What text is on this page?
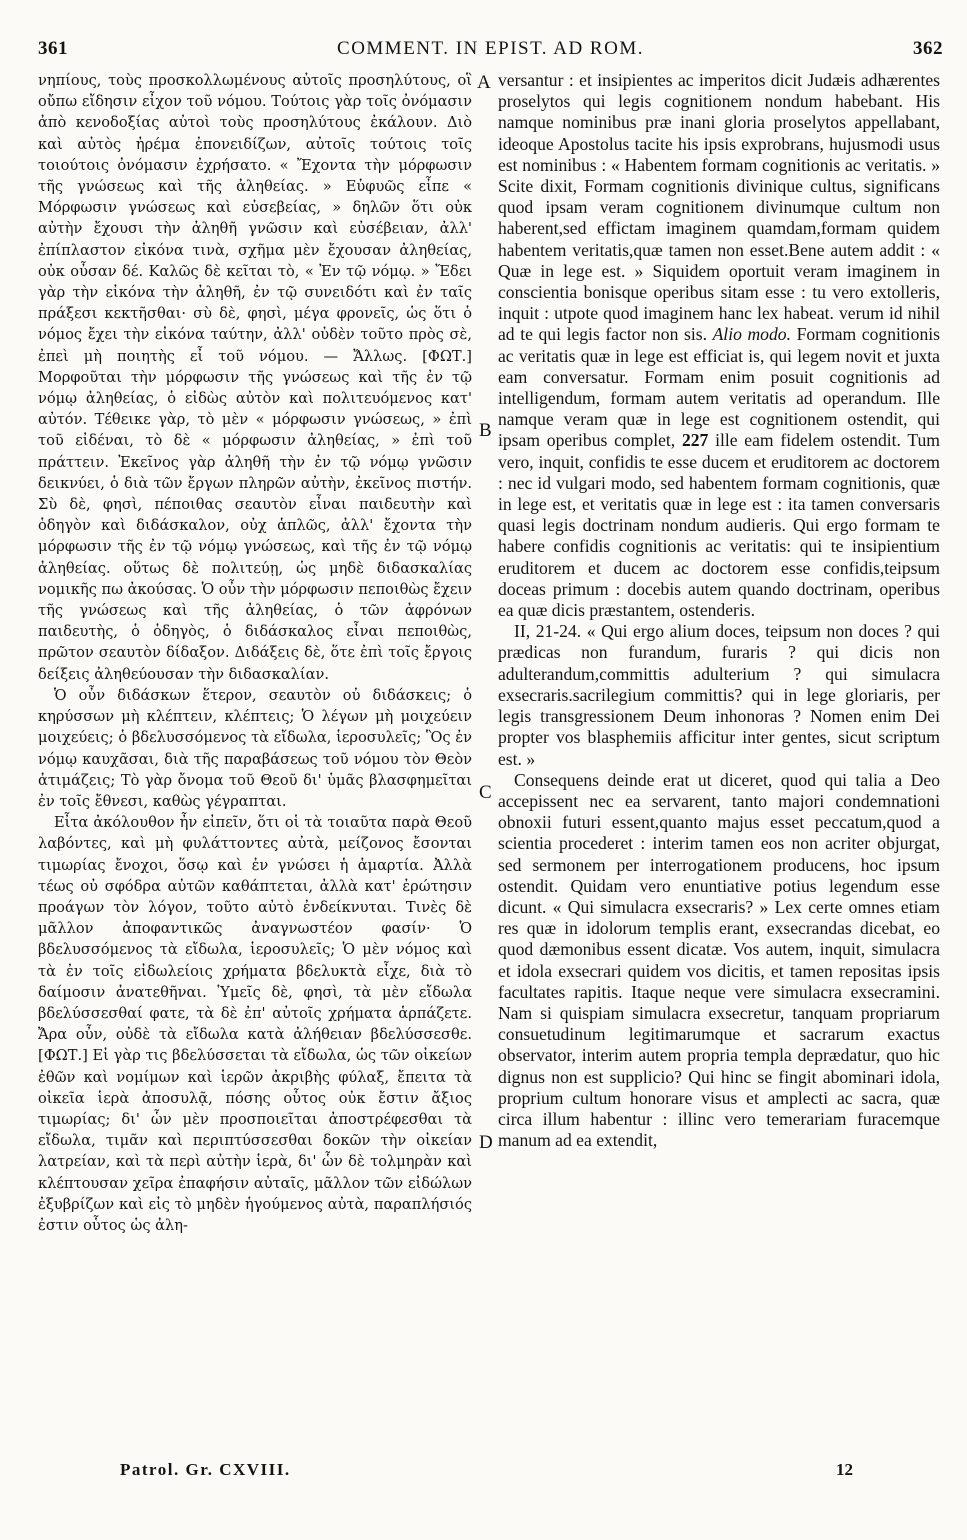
361	COMMENT. IN EPIST. AD ROM.	362

νηπίους, τοὺς προσκολλωμένους αὐτοῖς προσηλύτους, οἳ οὔπω εἴδησιν εἶχον τοῦ νόμου. Τούτοις γὰρ τοῖς ὀνόμασιν ἀπὸ κενοδοξίας αὐτοὶ τοὺς προσηλύτους ἐκάλουν. Διὸ καὶ αὐτὸς ἠρέμα ἐπονειδίζων, αὐτοῖς τούτοις τοῖς τοιούτοις ὀνόμασιν ἐχρήσατο. « Ἔχοντα τὴν μόρφωσιν τῆς γνώσεως καὶ τῆς ἀληθείας. » Εὐφυῶς εἶπε « Μόρφωσιν γνώσεως καὶ εὐσεβείας, » δηλῶν ὅτι οὐκ αὐτὴν ἔχουσι τὴν ἀληθῆ γνῶσιν καὶ εὐσέβειαν, ἀλλ' ἐπίπλαστον εἰκόνα τινὰ, σχῆμα μὲν ἔχουσαν ἀληθείας, οὐκ οὖσαν δέ. Καλῶς δὲ κεῖται τὸ, « Ἐν τῷ νόμῳ. » Ἔδει γὰρ τὴν εἰκόνα τὴν ἀληθῆ, ἐν τῷ συνειδότι καὶ ἐν ταῖς πράξεσι κεκτῆσθαι· σὺ δὲ, φησὶ, μέγα φρονεῖς, ὡς ὅτι ὁ νόμος ἔχει τὴν εἰκόνα ταύτην, ἀλλ' οὐδὲν τοῦτο πρὸς σὲ, ἐπεὶ μὴ ποιητὴς εἶ τοῦ νόμου. — Ἄλλως. [ΦΩΤ.] Μορφοῦται τὴν μόρφωσιν τῆς γνώσεως καὶ τῆς ἐν τῷ νόμῳ ἀληθείας, ὁ εἰδὼς αὐτὸν καὶ πολιτευόμενος κατ' αὐτόν. Τέθεικε γὰρ, τὸ μὲν « μόρφωσιν γνώσεως, » ἐπὶ τοῦ εἰδέναι, τὸ δὲ « μόρφωσιν ἀληθείας, » ἐπὶ τοῦ πράττειν. Ἐκεῖνος γὰρ ἀληθῆ τὴν ἐν τῷ νόμῳ γνῶσιν δεικνύει, ὁ διὰ τῶν ἔργων πληρῶν αὐτὴν, ἐκεῖνος πιστήν. Σὺ δὲ, φησὶ, πέποιθας σεαυτὸν εἶναι παιδευτὴν καὶ ὁδηγὸν καὶ διδάσκαλον, οὐχ ἁπλῶς, ἀλλ' ἔχοντα τὴν μόρφωσιν τῆς ἐν τῷ νόμῳ γνώσεως, καὶ τῆς ἐν τῷ νόμῳ ἀληθείας. οὕτως δὲ πολιτεύῃ, ὡς μηδὲ διδασκαλίας νομικῆς πω ἀκούσας. Ὁ οὖν τὴν μόρφωσιν πεποιθὼς ἔχειν τῆς γνώσεως καὶ τῆς ἀληθείας, ὁ τῶν ἀφρόνων παιδευτὴς, ὁ ὁδηγὸς, ὁ διδάσκαλος εἶναι πεποιθὼς, πρῶτον σεαυτὸν δίδαξον. Διδάξεις δὲ, ὅτε ἐπὶ τοῖς ἔργοις δείξεις ἀληθεύουσαν τὴν διδασκαλίαν.

Ὁ οὖν διδάσκων ἕτερον, σεαυτὸν οὐ διδάσκεις; ὁ κηρύσσων μὴ κλέπτειν, κλέπτεις; Ὁ λέγων μὴ μοιχεύειν μοιχεύεις; ὁ βδελυσσόμενος τὰ εἴδωλα, ἱεροσυλεῖς; Ὃς ἐν νόμῳ καυχᾶσαι, διὰ τῆς παραβάσεως τοῦ νόμου τὸν Θεὸν ἀτιμάζεις; Τὸ γὰρ ὄνομα τοῦ Θεοῦ δι' ὑμᾶς βλασφημεῖται ἐν τοῖς ἔθνεσι, καθὼς γέγραπται.

Εἶτα ἀκόλουθον ἦν εἰπεῖν, ὅτι οἱ τὰ τοιαῦτα παρὰ Θεοῦ λαβόντες, καὶ μὴ φυλάττοντες αὐτὰ, μείζονος ἔσονται τιμωρίας ἔνοχοι, ὅσῳ καὶ ἐν γνώσει ἡ ἁμαρτία. Ἀλλὰ τέως οὐ σφόδρα αὐτῶν καθάπτεται, ἀλλὰ κατ' ἐρώτησιν προάγων τὸν λόγον, τοῦτο αὐτὸ ἐνδείκνυται. Τινὲς δὲ μᾶλλον ἀποφαντικῶς ἀναγνωστέον φασίν· Ὁ βδελυσσόμενος τὰ εἴδωλα, ἱεροσυλεῖς; Ὁ μὲν νόμος καὶ τὰ ἐν τοῖς εἰδωλείοις χρήματα βδελυκτὰ εἶχε, διὰ τὸ δαίμοσιν ἀνατεθῆναι. Ὑμεῖς δὲ, φησὶ, τὰ μὲν εἴδωλα βδελύσσεσθαί φατε, τὰ δὲ ἐπ' αὐτοῖς χρήματα ἁρπάζετε. Ἄρα οὖν, οὐδὲ τὰ εἴδωλα κατὰ ἀλήθειαν βδελύσσεσθε. [ΦΩΤ.] Εἰ γὰρ τις βδελύσσεται τὰ εἴδωλα, ὡς τῶν οἰκείων ἐθῶν καὶ νομίμων καὶ ἱερῶν ἀκριβὴς φύλαξ, ἔπειτα τὰ οἰκεῖα ἱερὰ ἀποσυλᾷ, πόσης οὗτος οὐκ ἔστιν ἄξιος τιμωρίας; δι' ὧν μὲν προσποιεῖται ἀποστρέφεσθαι τὰ εἴδωλα, τιμᾶν καὶ περιπτύσσεσθαι δοκῶν τὴν οἰκείαν λατρείαν, καὶ τὰ περὶ αὐτὴν ἱερὰ, δι' ὧν δὲ τολμηρὰν καὶ κλέπτουσαν χεῖρα ἐπαφήσιν αὐταῖς, μᾶλλον τῶν εἰδώλων ἐξυβρίζων καὶ εἰς τὸ μηδὲν ἡγούμενος αὐτὰ, παραπλήσιός ἐστιν οὗτος ὡς ἀλη-

A
B
C
D

versantur : et insipientes ac imperitos dicit Judæis adhærentes proselytos qui legis cognitionem nondum habebant. His namque nominibus præ inani gloria proselytos appellabant, ideoque Apostolus tacite his ipsis exprobrans, hujusmodi usus est nominibus : « Habentem formam cognitionis ac veritatis. » Scite dixit, Formam cognitionis divinique cultus, significans quod ipsam veram cognitionem divinumque cultum non haberent,sed effictam imaginem quamdam,formam quidem habentem veritatis,quæ tamen non esset.Bene autem addit : « Quæ in lege est. » Siquidem oportuit veram imaginem in conscientia bonisque operibus sitam esse : tu vero extolleris, inquit : utpote quod imaginem hanc lex habeat. verum id nihil ad te qui legis factor non sis. Alio modo. Formam cognitionis ac veritatis quæ in lege est efficiat is, qui legem novit et juxta eam conversatur. Formam enim posuit cognitionis ad intelligendum, formam autem veritatis ad operandum. Ille namque veram quæ in lege est cognitionem ostendit, qui ipsam operibus complet, 227 ille eam fidelem ostendit. Tum vero, inquit, confidis te esse ducem et eruditorem ac doctorem : nec id vulgari modo, sed habentem formam cognitionis, quæ in lege est, et veritatis quæ in lege est : ita tamen conversaris quasi legis doctrinam nondum audieris. Qui ergo formam te habere confidis cognitionis ac veritatis: qui te insipientium eruditorem et ducem ac doctorem esse confidis,teipsum doceas primum : docebis autem quando doctrinam, operibus ea quæ dicis præstantem, ostenderis.

II, 21-24. « Qui ergo alium doces, teipsum non doces ? qui prædicas non furandum, furaris ? qui dicis non adulterandum,committis adulterium ? qui simulacra exsecraris.sacrilegium committis? qui in lege gloriaris, per legis transgressionem Deum inhonoras ? Nomen enim Dei propter vos blasphemiis afficitur inter gentes, sicut scriptum est. »

Consequens deinde erat ut diceret, quod qui talia a Deo accepissent nec ea servarent, tanto majori condemnationi obnoxii futuri essent,quanto majus esset peccatum,quod a scientia procederet : interim tamen eos non acriter objurgat, sed sermonem per interrogationem producens, hoc ipsum ostendit. Quidam vero enuntiative potius legendum esse dicunt. « Qui simulacra exsecraris? » Lex certe omnes etiam res quæ in idolorum templis erant, exsecrandas dicebat, eo quod dæmonibus essent dicatæ. Vos autem, inquit, simulacra et idola exsecrari quidem vos dicitis, et tamen repositas ipsis facultates rapitis. Itaque neque vere simulacra exsecramini. Nam si quispiam simulacra exsecretur, tanquam propriarum consuetudinum legitimarumque et sacrarum exactus observator, interim autem propria templa deprædatur, quo hic dignus non est supplicio? Qui hinc se fingit abominari idola, proprium cultum honorare visus et amplecti ac sacra, quæ circa illum habentur : illinc vero temerariam furacemque manum ad ea extendit,

Patrol. Gr. CXVIII.	12
